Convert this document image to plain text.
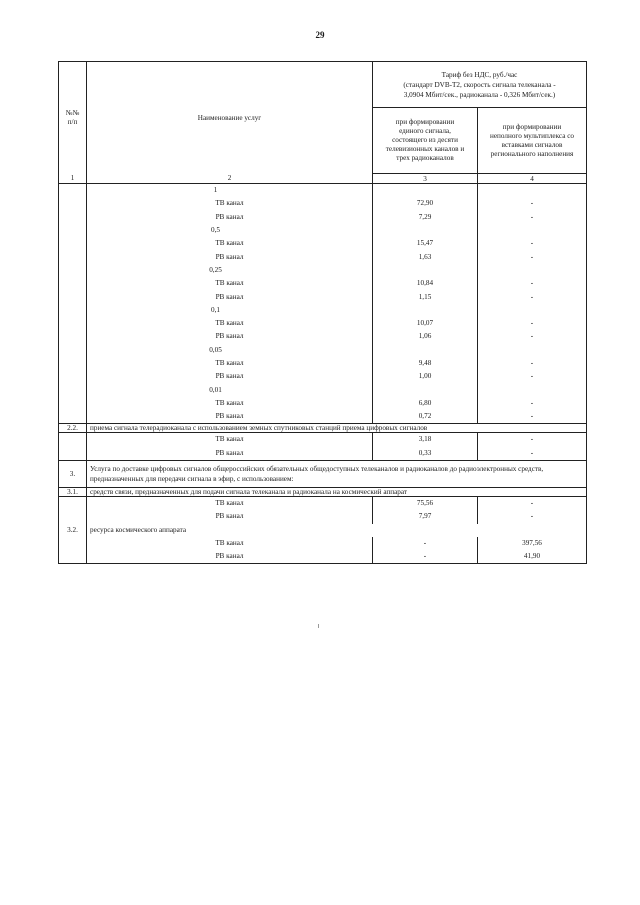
29
№№
п/п	Наименование услуг	Тариф без НДС, руб./час
(стандарт DVB-T2, скорость сигнала телеканала -
3,0904 Мбит/сек., радиоканала - 0,326 Мбит/сек.)	
		при формировании
единого сигнала,
состоящего из десяти
телевизионных каналов и
трех радиоканалов	при формировании
неполного мультиплекса со
вставками сигналов
регионального наполнения
1	2	3	4
	1		
	ТВ канал	72,90	-
	РВ канал	7,29	-
	0,5		
	ТВ канал	15,47	-
	РВ канал	1,63	-
	0,25		
	ТВ канал	10,84	-
	РВ канал	1,15	-
	0,1		
	ТВ канал	10,07	-
	РВ канал	1,06	-
	0,05		
	ТВ канал	9,48	-
	РВ канал	1,00	-
	0,01		
	ТВ канал	6,80	-
	РВ канал	0,72	-
2.2.	приема сигнала телерадиоканала с использованием земных спутниковых станций приема цифровых сигналов		
	ТВ канал	3,18	-
	РВ канал	0,33	-
3.	Услуга по доставке цифровых сигналов общероссийских обязательных общедоступных телеканалов и радиоканалов до радиоэлектронных средств, предназначенных для передачи сигнала в эфир, с использованием:		
3.1.	средств связи, предназначенных для подачи сигнала телеканала и радиоканала на космический аппарат		
	ТВ канал	75,56	-
	РВ канал	7,97	-
3.2.	ресурса космического аппарата		
	ТВ канал	-	397,56
	РВ канал	-	41,90
